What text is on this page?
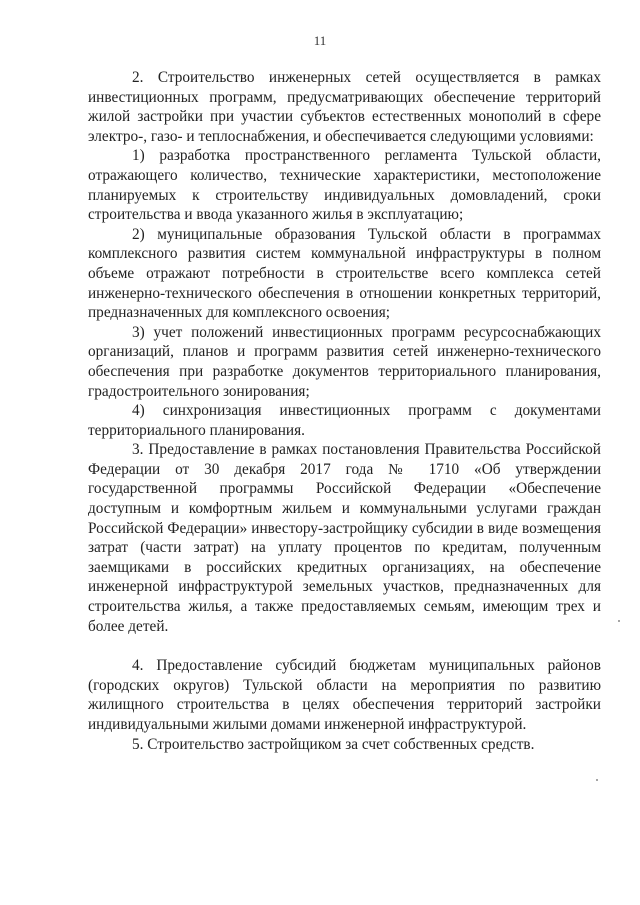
11

2. Строительство инженерных сетей осуществляется в рамках инвестиционных программ, предусматривающих обеспечение территорий жилой застройки при участии субъектов естественных монополий в сфере электро-, газо- и теплоснабжения, и обеспечивается следующими условиями:

1) разработка пространственного регламента Тульской области, отражающего количество, технические характеристики, местоположение планируемых к строительству индивидуальных домовладений, сроки строительства и ввода указанного жилья в эксплуатацию;

2) муниципальные образования Тульской области в программах комплексного развития систем коммунальной инфраструктуры в полном объеме отражают потребности в строительстве всего комплекса сетей инженерно-технического обеспечения в отношении конкретных территорий, предназначенных для комплексного освоения;

3) учет положений инвестиционных программ ресурсоснабжающих организаций, планов и программ развития сетей инженерно-технического обеспечения при разработке документов территориального планирования, градостроительного зонирования;

4) синхронизация инвестиционных программ с документами территориального планирования.

3. Предоставление в рамках постановления Правительства Российской Федерации от 30 декабря 2017 года № 1710 «Об утверждении государственной программы Российской Федерации «Обеспечение доступным и комфортным жильем и коммунальными услугами граждан Российской Федерации» инвестору-застройщику субсидии в виде возмещения затрат (части затрат) на уплату процентов по кредитам, полученным заемщиками в российских кредитных организациях, на обеспечение инженерной инфраструктурой земельных участков, предназначенных для строительства жилья, а также предоставляемых семьям, имеющим трех и более детей.

4. Предоставление субсидий бюджетам муниципальных районов (городских округов) Тульской области на мероприятия по развитию жилищного строительства в целях обеспечения территорий застройки индивидуальными жилыми домами инженерной инфраструктурой.

5. Строительство застройщиком за счет собственных средств.
